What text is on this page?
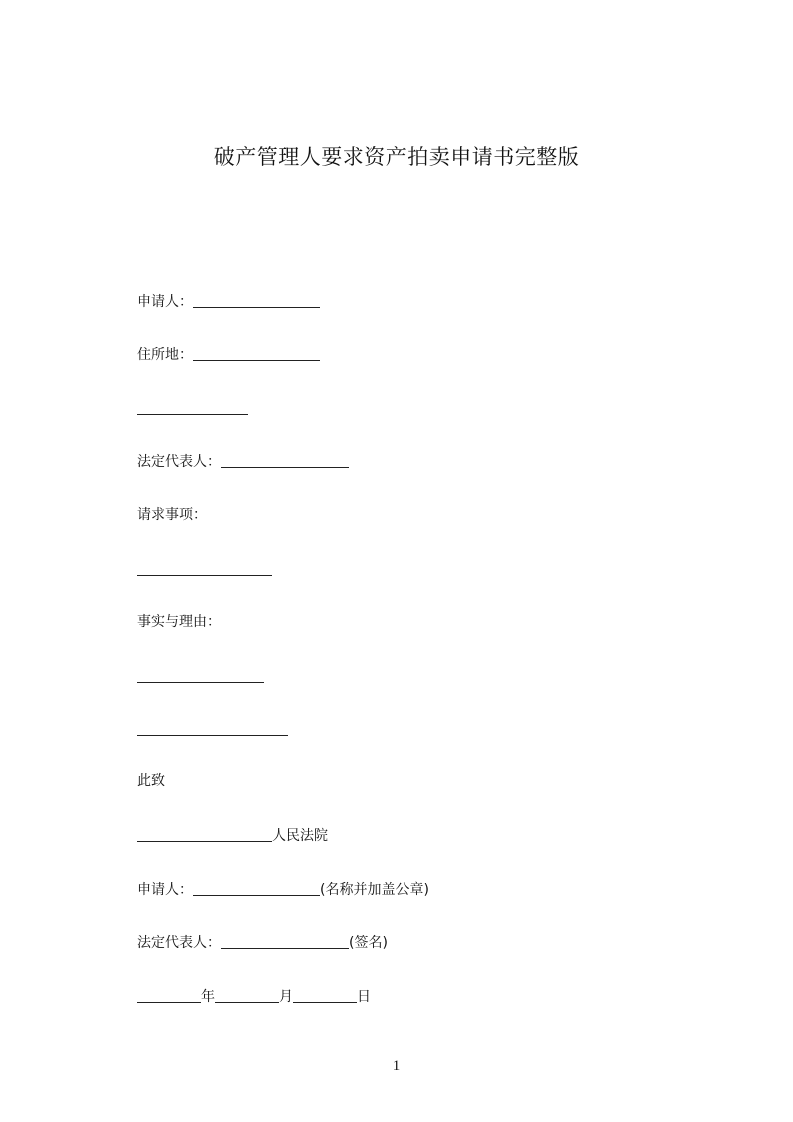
破产管理人要求资产拍卖申请书完整版
申请人：
住所地：
法定代表人：
请求事项：
事实与理由：
此致
人民法院
申请人：	(名称并加盖公章)
法定代表人：	(签名)
年	月	日
1
